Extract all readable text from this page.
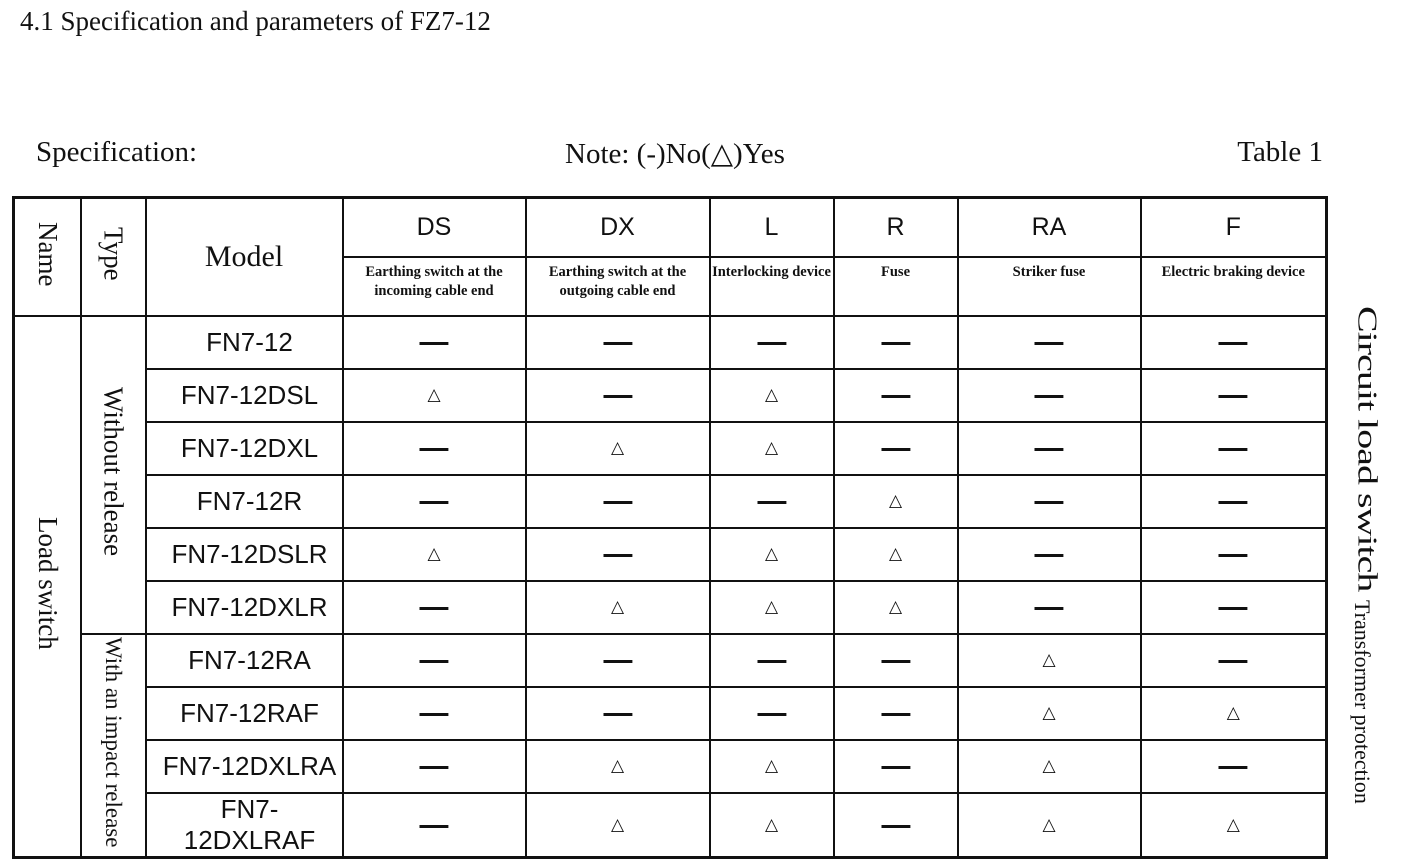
4.1 Specification and parameters of FZ7-12
Specification:	Note: (-)No(△)Yes	Table 1
Name	Type	Model	DS	DX	L	R	RA	F

			Earthing switch at the incoming cable end	Earthing switch at the outgoing cable end	Interlocking device	Fuse	Striker fuse	Electric braking device

Load switch	Without release	FN7-12	—	—	—	—	—	—
		FN7-12DSL	△	—	△	—	—	—
		FN7-12DXL	—	△	△	—	—	—
		FN7-12R	—	—	—	△	—	—
		FN7-12DSLR	△	—	△	△	—	—
		FN7-12DXLR	—	△	△	△	—	—
	With an impact release	FN7-12RA	—	—	—	—	△	—
		FN7-12RAF	—	—	—	—	△	△
		FN7-12DXLRA	—	△	△	—	△	—
		FN7-12DXLRAF	—	△	△	—	△	△
Circuit load switch
Transformer protection
